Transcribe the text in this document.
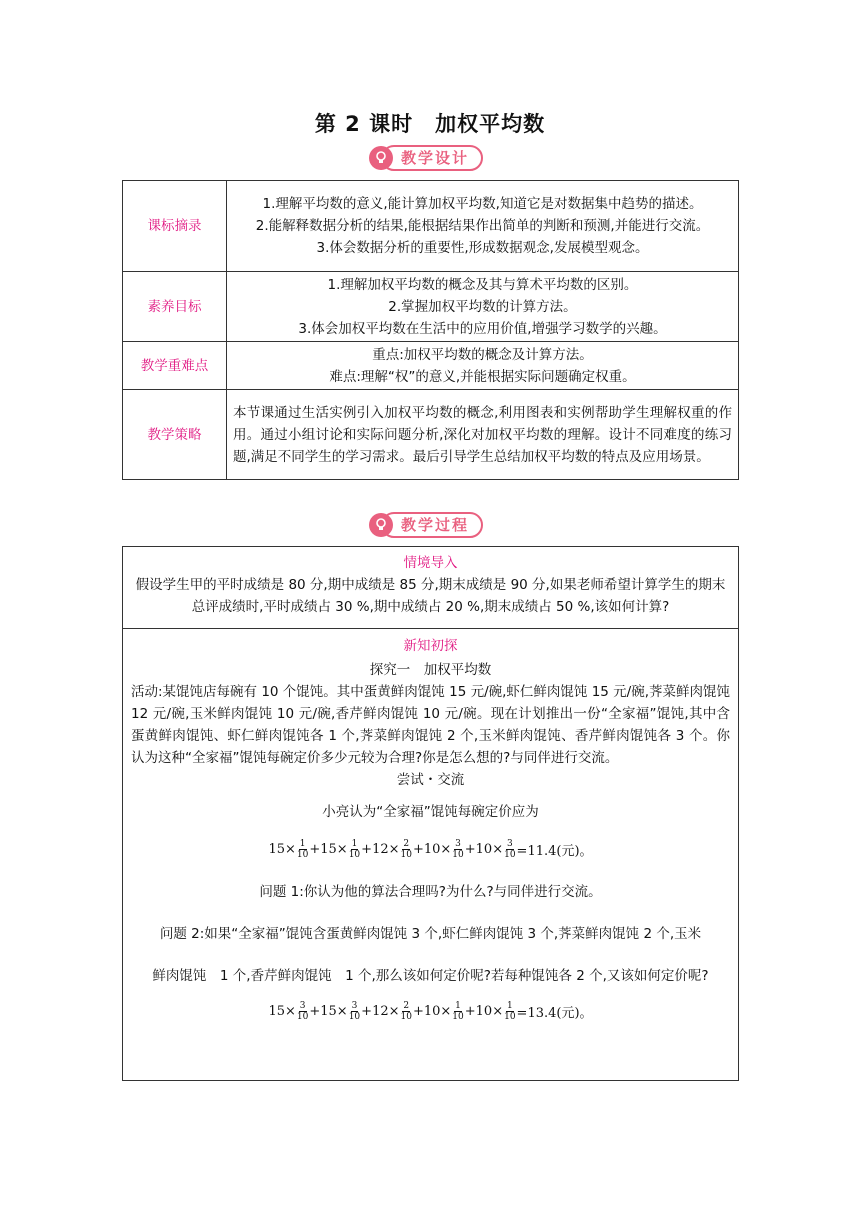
第 2 课时　加权平均数
教学设计
课标摘录	1.理解平均数的意义,能计算加权平均数,知道它是对数据集中趋势的描述。
2.能解释数据分析的结果,能根据结果作出简单的判断和预测,并能进行交流。
3.体会数据分析的重要性,形成数据观念,发展模型观念。

素养目标	1.理解加权平均数的概念及其与算术平均数的区别。
2.掌握加权平均数的计算方法。
3.体会加权平均数在生活中的应用价值,增强学习数学的兴趣。

教学重难点	重点:加权平均数的概念及计算方法。
难点:理解“权”的意义,并能根据实际问题确定权重。

教学策略	本节课通过生活实例引入加权平均数的概念,利用图表和实例帮助学生理解权重的作用。通过小组讨论和实际问题分析,深化对加权平均数的理解。设计不同难度的练习题,满足不同学生的学习需求。最后引导学生总结加权平均数的特点及应用场景。
教学过程
情境导入
假设学生甲的平时成绩是 80 分,期中成绩是 85 分,期末成绩是 90 分,如果老师希望计算学生的期末总评成绩时,平时成绩占 30 %,期中成绩占 20 %,期末成绩占 50 %,该如何计算?
新知初探
探究一　加权平均数
活动:某馄饨店每碗有 10 个馄饨。其中蛋黄鲜肉馄饨 15 元/碗,虾仁鲜肉馄饨 15 元/碗,荠菜鲜肉馄饨 12 元/碗,玉米鲜肉馄饨 10 元/碗,香芹鲜肉馄饨 10 元/碗。现在计划推出一份“全家福”馄饨,其中含蛋黄鲜肉馄饨、虾仁鲜肉馄饨各 1 个,荠菜鲜肉馄饨 2 个,玉米鲜肉馄饨、香芹鲜肉馄饨各 3 个。你认为这种“全家福”馄饨每碗定价多少元较为合理?你是怎么想的?与同伴进行交流。
尝试・交流
小亮认为“全家福”馄饨每碗定价应为
$15\times \frac{1}{10} + 15\times \frac{1}{10} + 12\times \frac{2}{10} + 10\times \frac{3}{10} + 10\times \frac{3}{10} =11.4$(元)。
问题 1:你认为他的算法合理吗?为什么?与同伴进行交流。
问题 2:如果“全家福”馄饨含蛋黄鲜肉馄饨 3 个,虾仁鲜肉馄饨 3 个,荠菜鲜肉馄饨 2 个,玉米
鲜肉馄饨　1 个,香芹鲜肉馄饨　1 个,那么该如何定价呢?若每种馄饨各 2 个,又该如何定价呢?
$15\times \frac{3}{10} + 15\times \frac{3}{10} + 12\times \frac{2}{10} + 10\times \frac{1}{10} + 10\times \frac{1}{10} =13.4$(元)。
